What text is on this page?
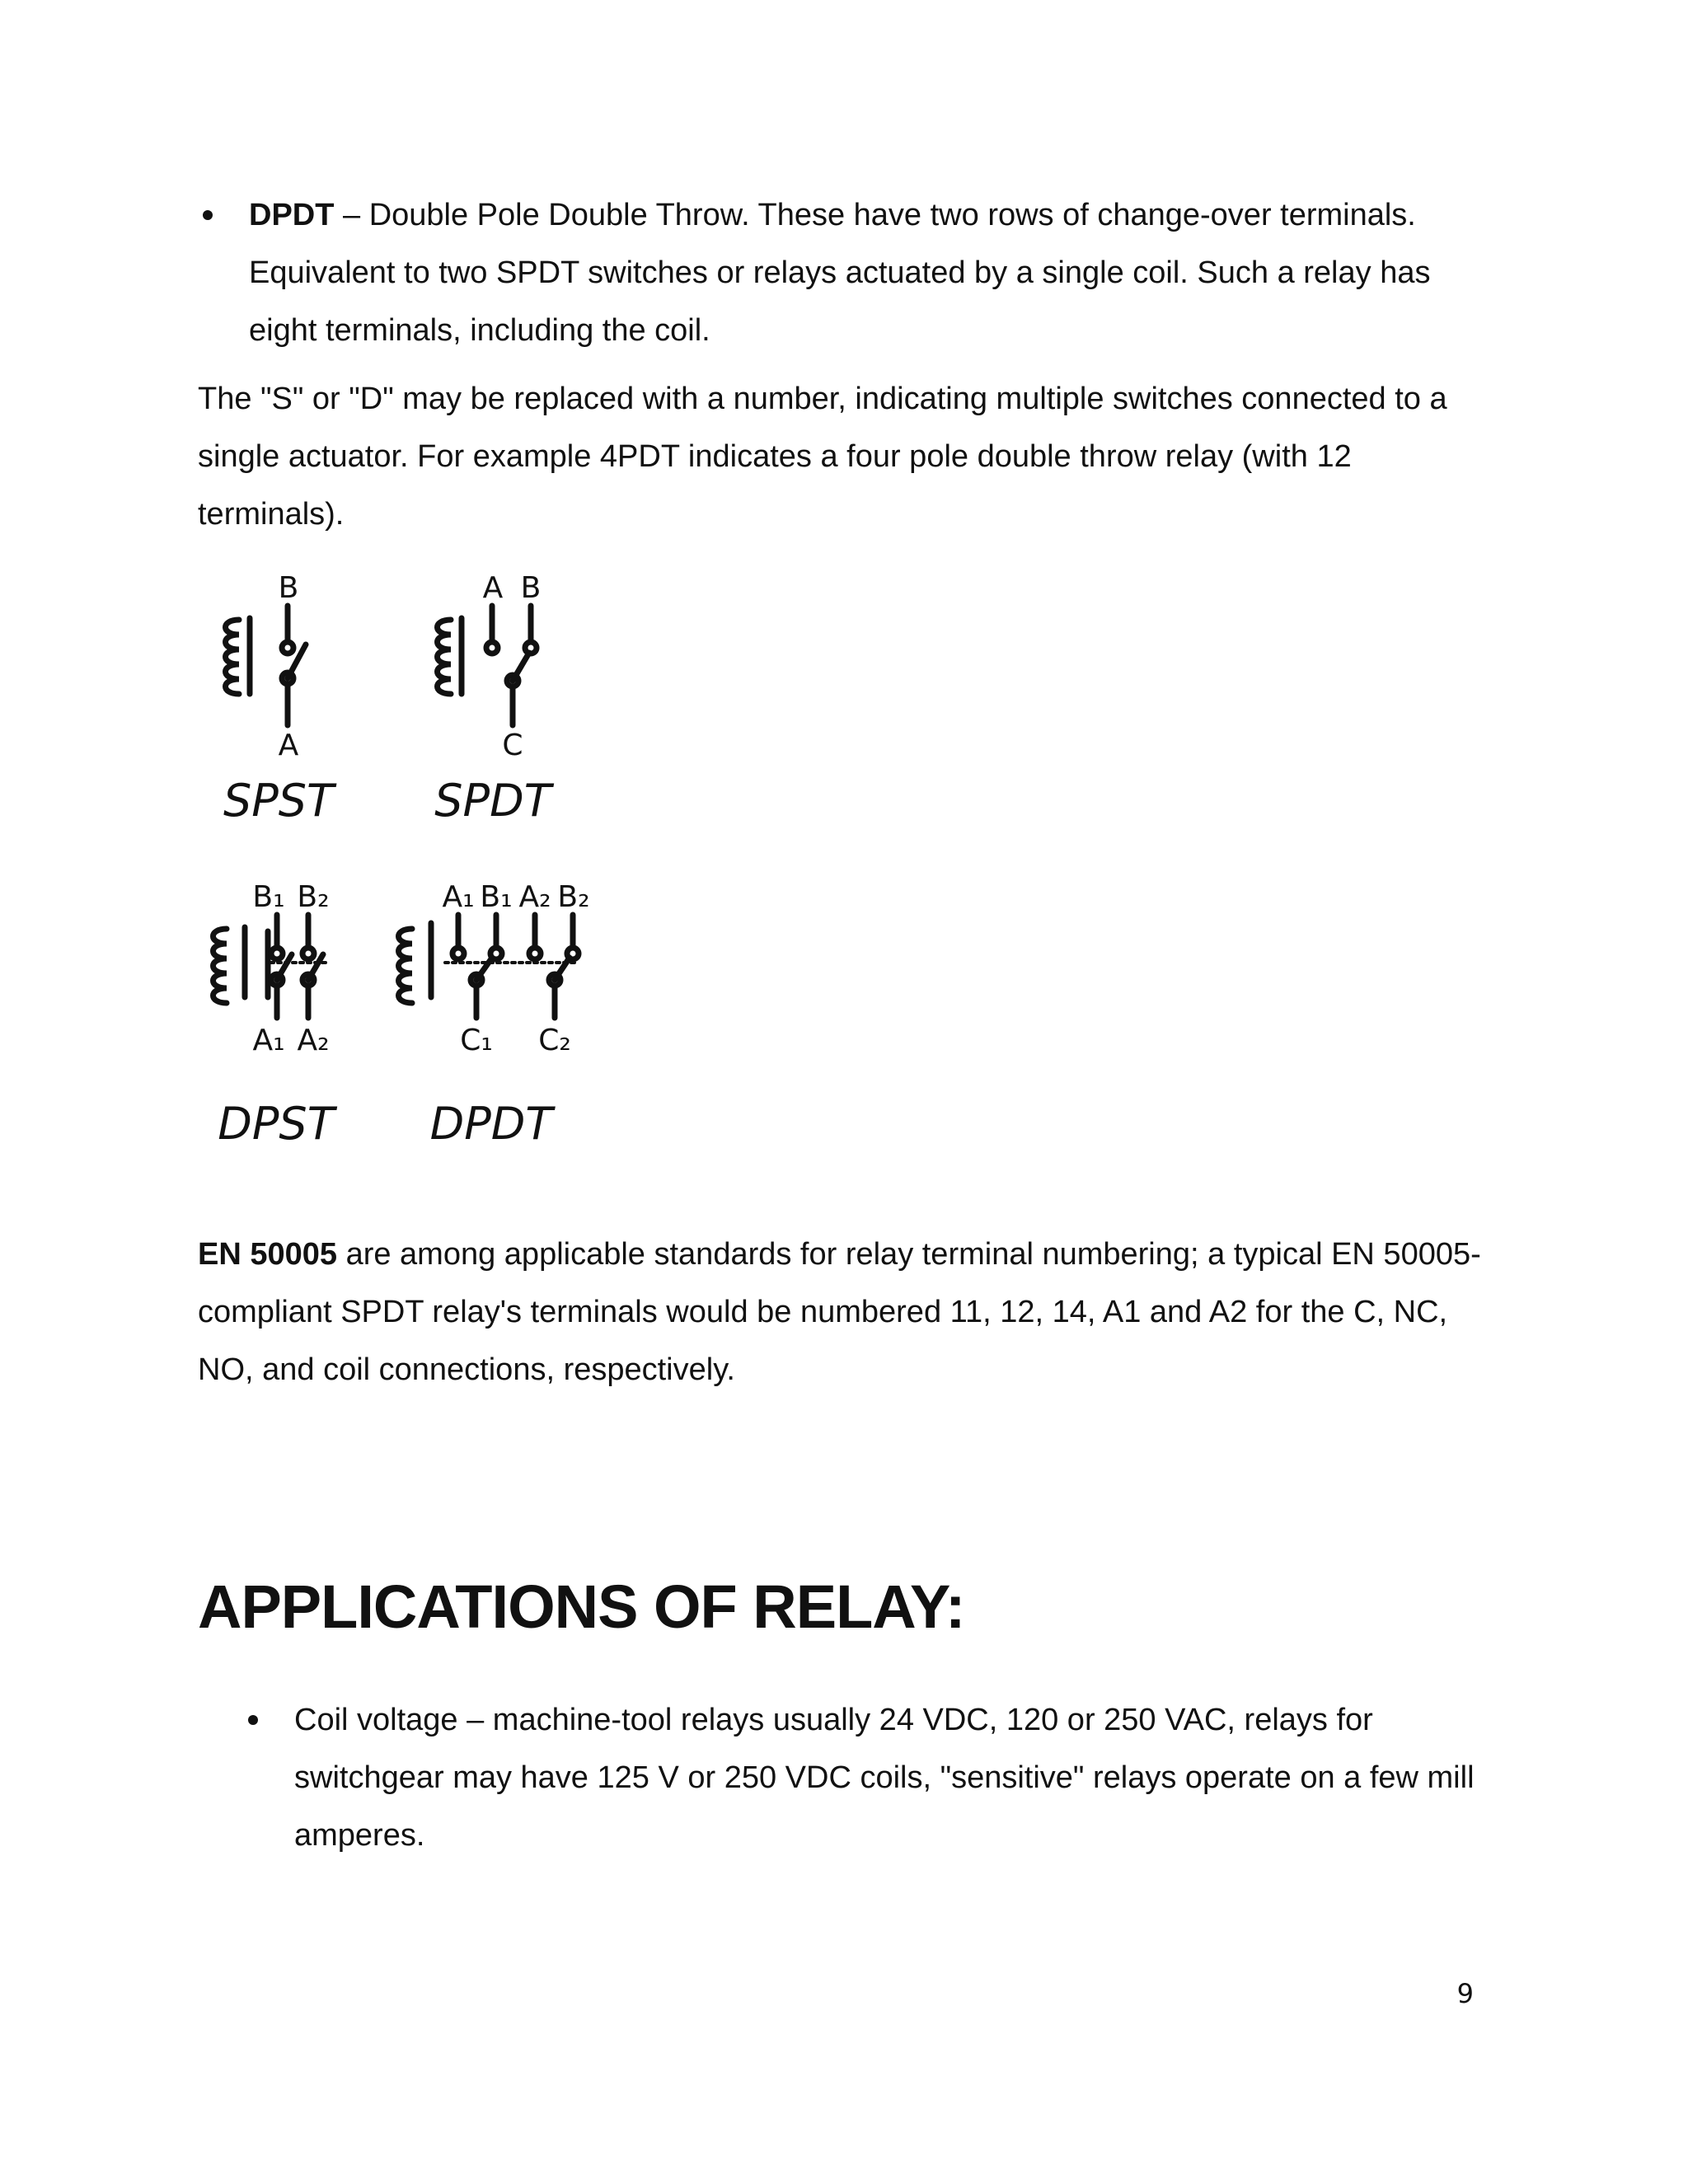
DPDT – Double Pole Double Throw. These have two rows of change-over terminals. Equivalent to two SPDT switches or relays actuated by a single coil. Such a relay has eight terminals, including the coil.

The "S" or "D" may be replaced with a number, indicating multiple switches connected to a single actuator. For example 4PDT indicates a four pole double throw relay (with 12 terminals).

B
A
A B
C
B₁ B₂
A₁ A₂
A₁ B₁ A₂ B₂
C₁ C₂
SPST SPDT
DPST DPDT

EN 50005 are among applicable standards for relay terminal numbering; a typical EN 50005-compliant SPDT relay's terminals would be numbered 11, 12, 14, A1 and A2 for the C, NC, NO, and coil connections, respectively.

APPLICATIONS OF RELAY:

Coil voltage – machine-tool relays usually 24 VDC, 120 or 250 VAC, relays for switchgear may have 125 V or 250 VDC coils, "sensitive" relays operate on a few mill amperes.

9
